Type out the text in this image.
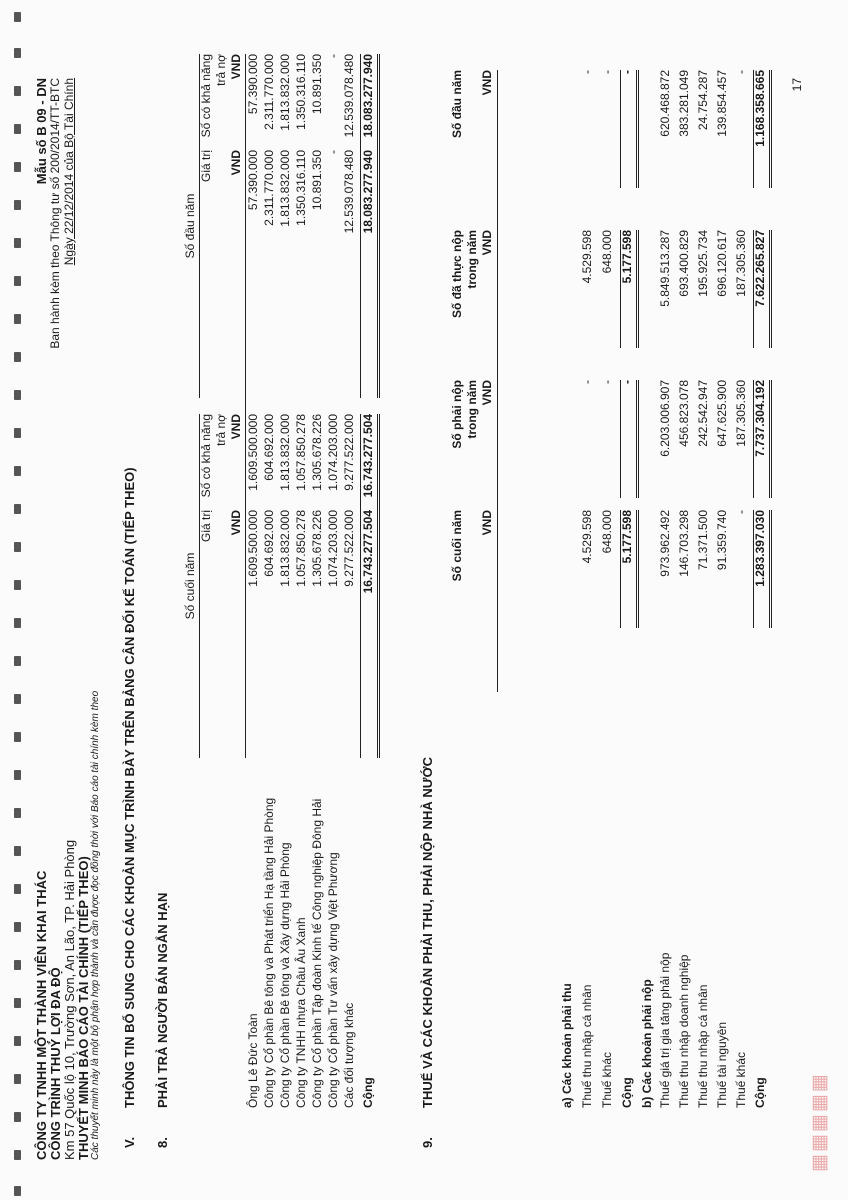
CÔNG TY TNHH MỘT THÀNH VIÊN KHAI THÁC CÔNG TRÌNH THUỶ LỢI ĐA ĐỘ Km 57 Quốc lộ 10, Trường Sơn, An Lão, TP. Hải Phòng THUYẾT MINH BÁO CÁO TÀI CHÍNH (TIẾP THEO) Các thuyết minh này là một bộ phận hợp thành và cần được đọc đồng thời với Báo cáo tài chính kèm theo
Mẫu số B 09 - DN Ban hành kèm theo Thông tư số 200/2014/TT-BTC Ngày 22/12/2014 của Bộ Tài Chính
V.
THÔNG TIN BỔ SUNG CHO CÁC KHOẢN MỤC TRÌNH BÀY TRÊN BẢNG CÂN ĐỐI KẾ TOÁN (TIẾP THEO)
8.
PHẢI TRẢ NGƯỜI BÁN NGẮN HẠN
Số cuối năm
Số đầu năm
Giá trị
Số có khả năng trả nợ
Giá trị
Số có khả năng trả nợ
VND
VND
VND
VND
Ông Lê Đức Toàn
1.609.500.000
1.609.500.000
57.390.000
57.390.000
Công ty Cổ phần Bê tông và Phát triển Hạ tầng Hải Phòng
604.692.000
604.692.000
2.311.770.000
2.311.770.000
Công ty Cổ phần Bê tông và Xây dựng Hải Phòng
1.813.832.000
1.813.832.000
1.813.832.000
1.813.832.000
Công ty TNHH nhựa Châu Âu Xanh
1.057.850.278
1.057.850.278
1.350.316.110
1.350.316.110
Công ty Cổ phần Tập đoàn Kinh tế Công nghiệp Đông Hải
1.305.678.226
1.305.678.226
10.891.350
10.891.350
Công ty Cổ phần Tư vấn xây dựng Việt Phương
1.074.203.000
1.074.203.000
-
-
Các đối tượng khác
9.277.522.000
9.277.522.000
12.539.078.480
12.539.078.480
Cộng
16.743.277.504
16.743.277.504
18.083.277.940
18.083.277.940
9.
THUẾ VÀ CÁC KHOẢN PHẢI THU, PHẢI NỘP NHÀ NƯỚC
Số cuối năm
Số phải nộp trong năm
Số đã thực nộp trong năm
Số đầu năm
VND
VND
VND
VND
a) Các khoản phải thu Thuế thu nhập cá nhân
4.529.598
-
4.529.598
-
Thuế khác
648.000
-
648.000
-
Cộng
5.177.598
-
5.177.598
-
b) Các khoản phải nộp Thuế giá trị gia tăng phải nộp
973.962.492
6.203.006.907
5.849.513.287
620.468.872
Thuế thu nhập doanh nghiệp
146.703.298
456.823.078
693.400.829
383.281.049
Thuế thu nhập cá nhân
71.371.500
242.542.947
195.925.734
24.754.287
Thuế tài nguyên
91.359.740
647.625.900
696.120.617
139.854.457
Thuế khác
-
187.305.360
187.305.360
-
Cộng
1.283.397.030
7.737.304.192
7.622.265.827
1.168.358.665 17
▦▦▦▦▦
